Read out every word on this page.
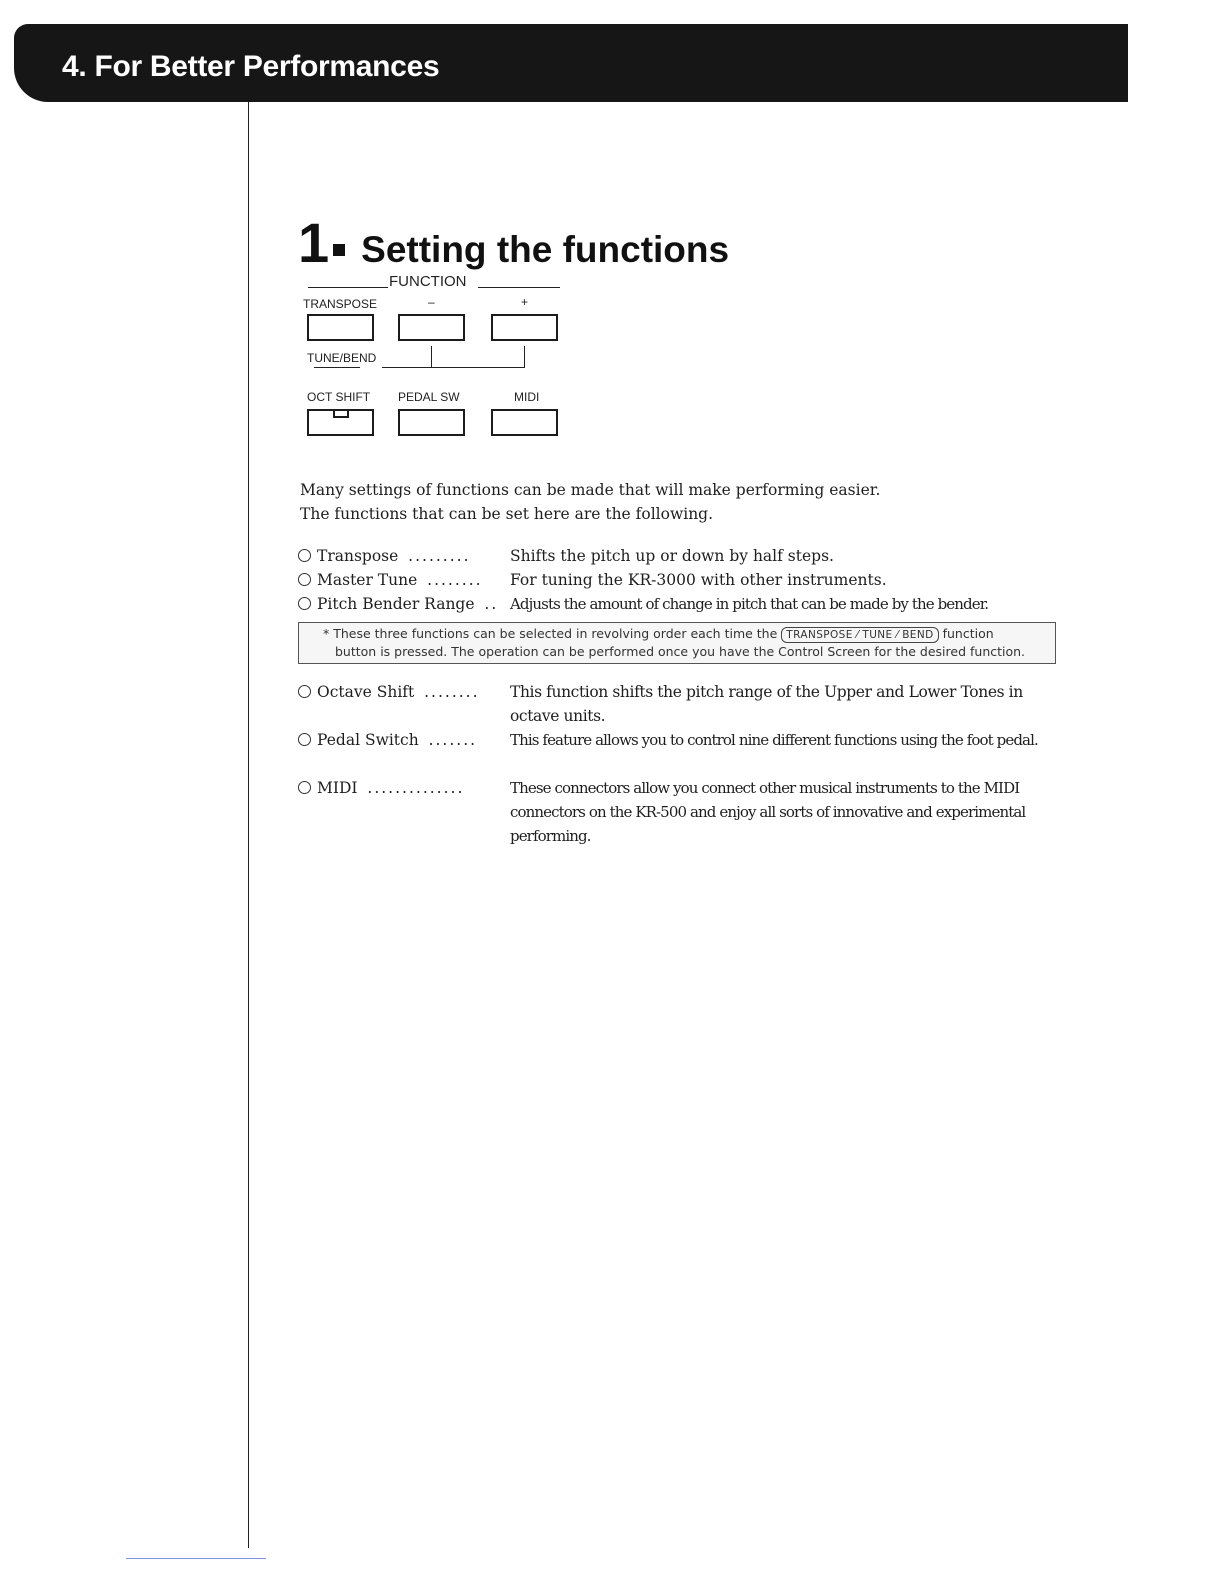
4. For Better Performances
1 Setting the functions
FUNCTION
TRANSPOSE	–	+
TUNE/BEND
OCT SHIFT PEDAL SW	MIDI
Many settings of functions can be made that will make performing easier.
The functions that can be set here are the following.
Transpose .........	Shifts the pitch up or down by half steps.
Master Tune ........ For tuning the KR-3000 with other instruments.
Pitch Bender Range .. Adjusts the amount of change in pitch that can be made by the bender.
* These three functions can be selected in revolving order each time the TRANSPOSE ⁄ TUNE ⁄ BEND function
button is pressed. The operation can be performed once you have the Control Screen for the desired function.
Octave Shift ........ This function shifts the pitch range of the Upper and Lower Tones in octave units.
Pedal Switch ....... This feature allows you to control nine different functions using the foot pedal.
MIDI ..............	These connectors allow you connect other musical instruments to the MIDI connectors on the KR-500 and enjoy all sorts of innovative and experimental performing.
